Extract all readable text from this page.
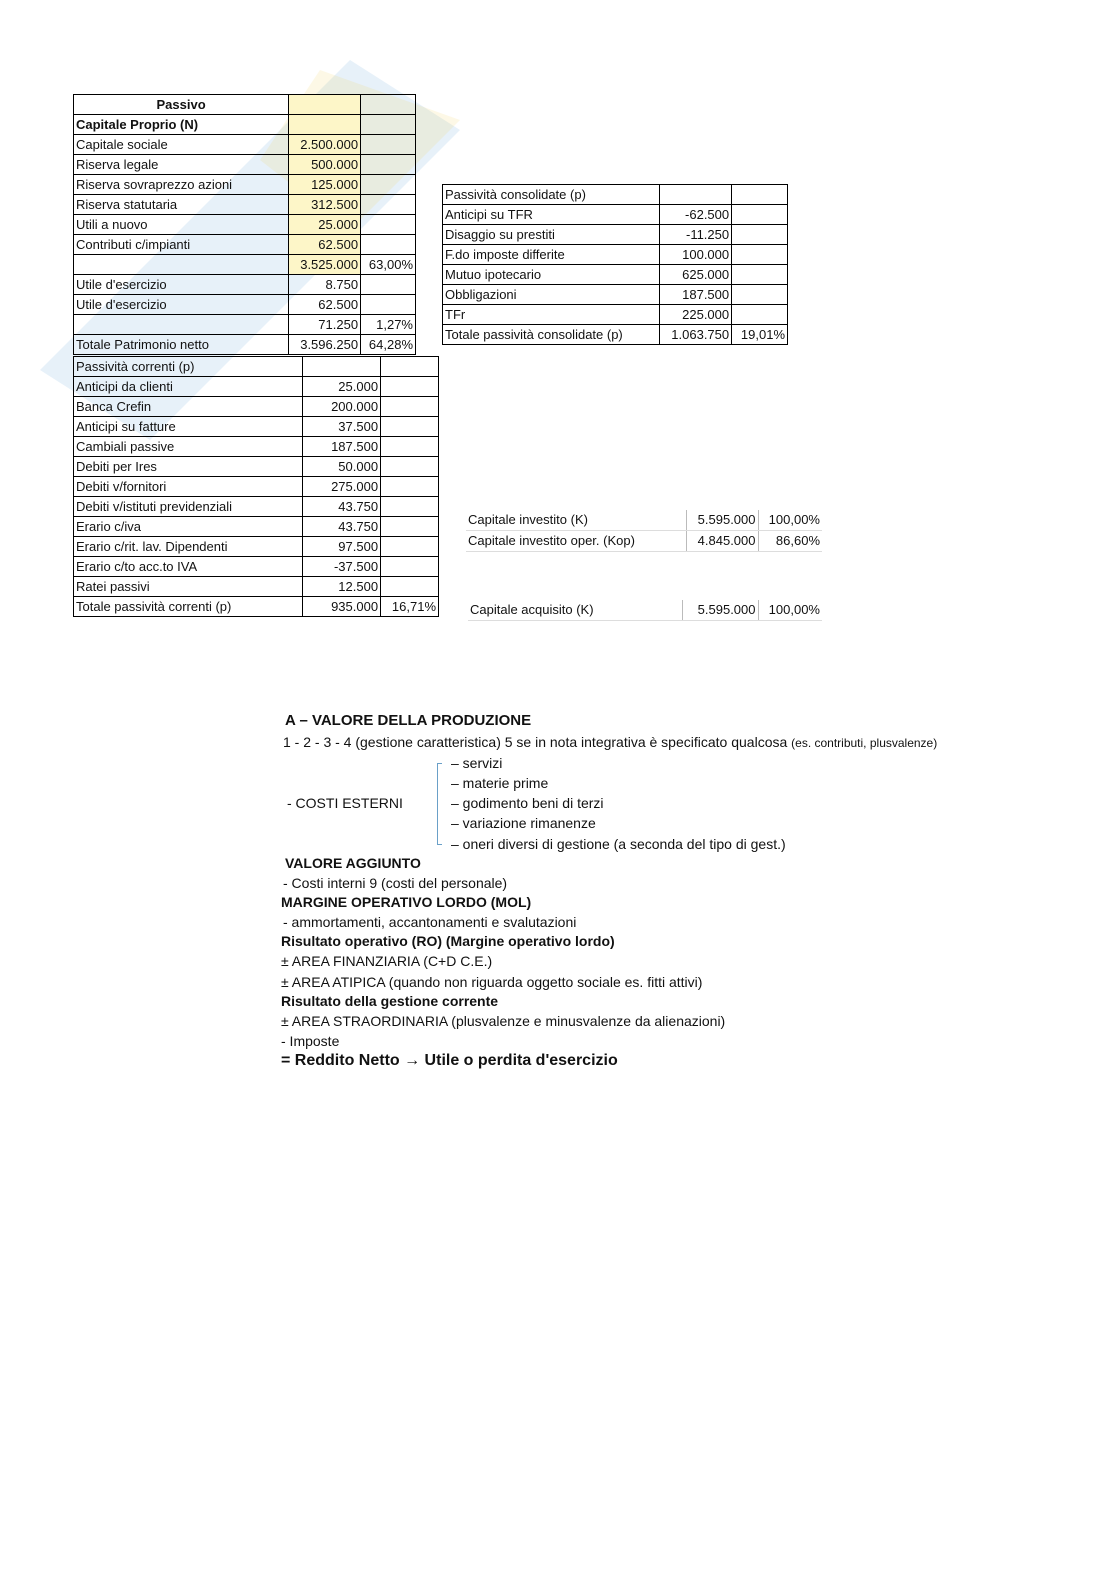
Passivo		
Capitale Proprio (N)		
Capitale sociale	2.500.000	
Riserva legale	500.000	
Riserva sovraprezzo azioni	125.000	
Riserva statutaria	312.500	
Utili a nuovo	25.000	
Contributi c/impianti	62.500	
	3.525.000	63,00%
Utile d'esercizio	8.750	
Utile d'esercizio	62.500	
	71.250	1,27%
Totale Patrimonio netto	3.596.250	64,28%
Passività consolidate (p)		
Anticipi su TFR	-62.500	
Disaggio su prestiti	-11.250	
F.do imposte differite	100.000	
Mutuo ipotecario	625.000	
Obbligazioni	187.500	
TFr	225.000	
Totale passività consolidate (p)	1.063.750	19,01%
Passività correnti (p)		
Anticipi da clienti	25.000	
Banca Crefin	200.000	
Anticipi su fatture	37.500	
Cambiali passive	187.500	
Debiti per Ires	50.000	
Debiti v/fornitori	275.000	
Debiti v/istituti previdenziali	43.750	
Erario c/iva	43.750	
Erario c/rit. lav. Dipendenti	97.500	
Erario c/to acc.to IVA	-37.500	
Ratei passivi	12.500	
Totale passività correnti (p)	935.000	16,71%
Capitale investito (K)	5.595.000	100,00%
Capitale investito oper. (Kop)	4.845.000	86,60%
Capitale acquisito (K)	5.595.000	100,00%
A – VALORE DELLA PRODUZIONE
1 - 2 - 3 - 4 (gestione caratteristica) 5 se in nota integrativa è specificato qualcosa (es. contributi, plusvalenze)
- COSTI ESTERNI
– servizi
– materie prime
– godimento beni di terzi
– variazione rimanenze
– oneri diversi di gestione (a seconda del tipo di gest.)
VALORE AGGIUNTO
- Costi interni 9 (costi del personale)
MARGINE OPERATIVO LORDO (MOL)
- ammortamenti, accantonamenti e svalutazioni
Risultato operativo (RO) (Margine operativo lordo)
± AREA FINANZIARIA (C+D C.E.)
± AREA ATIPICA (quando non riguarda oggetto sociale es. fitti attivi)
Risultato della gestione corrente
± AREA STRAORDINARIA (plusvalenze e minusvalenze da alienazioni)
- Imposte
= Reddito Netto → Utile o perdita d'esercizio
